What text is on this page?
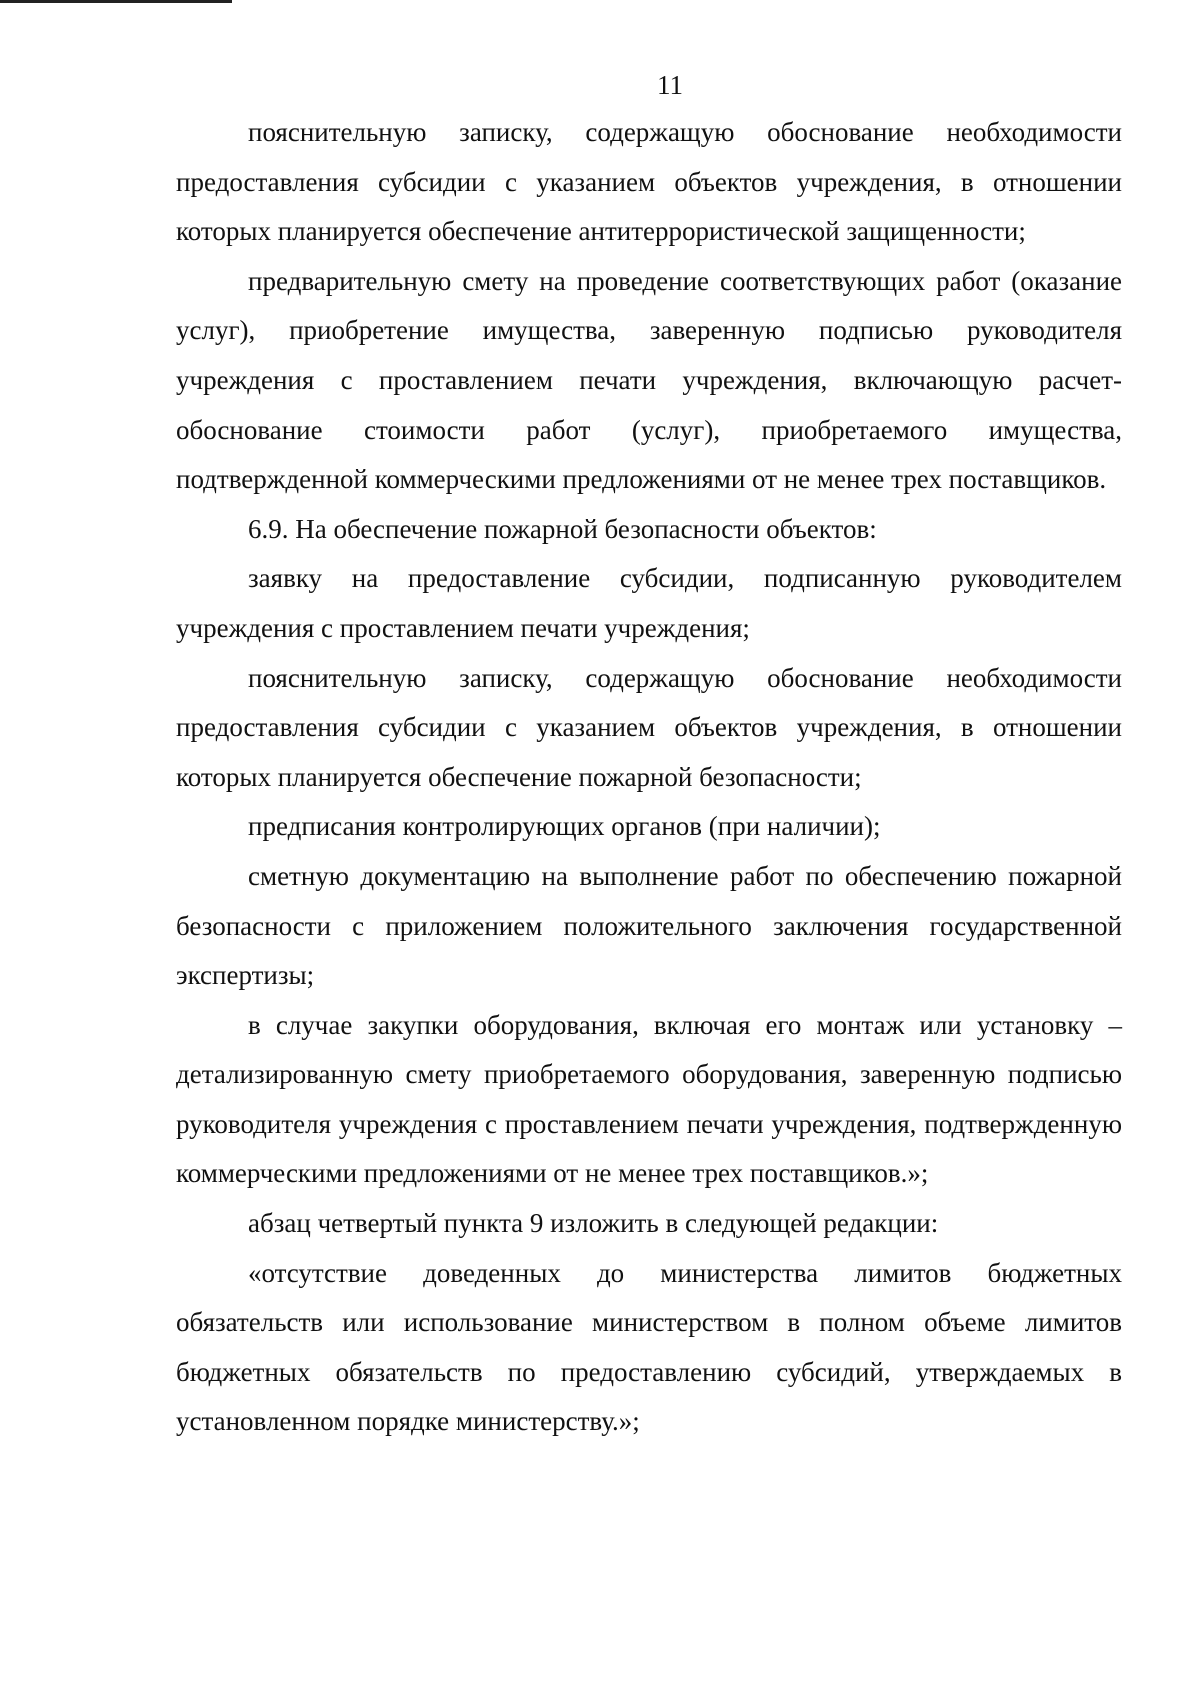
11

пояснительную записку, содержащую обоснование необходимости предоставления субсидии с указанием объектов учреждения, в отношении которых планируется обеспечение антитеррористической защищенности;

предварительную смету на проведение соответствующих работ (оказание услуг), приобретение имущества, заверенную подписью руководителя учреждения с проставлением печати учреждения, включающую расчет-обоснование стоимости работ (услуг), приобретаемого имущества, подтвержденной коммерческими предложениями от не менее трех поставщиков.

6.9. На обеспечение пожарной безопасности объектов:

заявку на предоставление субсидии, подписанную руководителем учреждения с проставлением печати учреждения;

пояснительную записку, содержащую обоснование необходимости предоставления субсидии с указанием объектов учреждения, в отношении которых планируется обеспечение пожарной безопасности;

предписания контролирующих органов (при наличии);

сметную документацию на выполнение работ по обеспечению пожарной безопасности с приложением положительного заключения государственной экспертизы;

в случае закупки оборудования, включая его монтаж или установку – детализированную смету приобретаемого оборудования, заверенную подписью руководителя учреждения с проставлением печати учреждения, подтвержденную коммерческими предложениями от не менее трех поставщиков.»;

абзац четвертый пункта 9 изложить в следующей редакции:

«отсутствие доведенных до министерства лимитов бюджетных обязательств или использование министерством в полном объеме лимитов бюджетных обязательств по предоставлению субсидий, утверждаемых в установленном порядке министерству.»;
